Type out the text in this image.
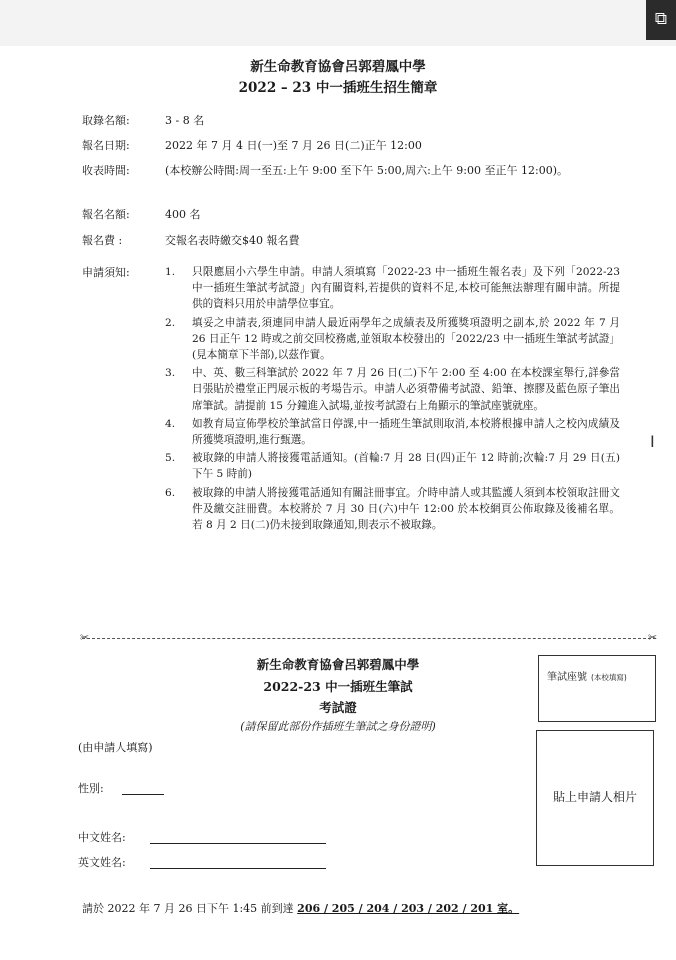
⧉
新生命教育協會呂郭碧鳳中學
2022 – 23 中一插班生招生簡章
取錄名額:	3 - 8 名
報名日期:	2022 年 7 月 4 日(一)至 7 月 26 日(二)正午 12:00
收表時間:	(本校辦公時間:周一至五:上午 9:00 至下午 5:00,周六:上午 9:00 至正午 12:00)。
報名名額:	400 名
報名費 :	交報名表時繳交$40 報名費
申請須知:	1.	只限應屆小六學生申請。申請人須填寫「2022-23 中一插班生報名表」及下列「2022-23 中一插班生筆試考試證」內有關資料,若提供的資料不足,本校可能無法辦理有關申請。所提供的資料只用於申請學位事宜。
2.	填妥之申請表,須連同申請人最近兩學年之成績表及所獲獎項證明之副本,於 2022 年 7 月 26 日正午 12 時或之前交回校務處,並領取本校發出的「2022/23 中一插班生筆試考試證」(見本簡章下半部),以茲作實。
3.	中、英、數三科筆試於 2022 年 7 月 26 日(二)下午 2:00 至 4:00 在本校課室舉行,詳參當日張貼於禮堂正門展示板的考場告示。申請人必須帶備考試證、鉛筆、擦膠及藍色原子筆出席筆試。請提前 15 分鐘進入試場,並按考試證右上角顯示的筆試座號就座。
4.	如教育局宣佈學校於筆試當日停課,中一插班生筆試則取消,本校將根據申請人之校內成績及所獲獎項證明,進行甄選。
5.	被取錄的申請人將接獲電話通知。(首輪:7 月 28 日(四)正午 12 時前;次輪:7 月 29 日(五)下午 5 時前)
6.	被取錄的申請人將接獲電話通知有關註冊事宜。介時申請人或其監護人須到本校領取註冊文件及繳交註冊費。本校將於 7 月 30 日(六)中午 12:00 於本校網頁公佈取錄及後補名單。若 8 月 2 日(二)仍未接到取錄通知,則表示不被取錄。
✂	✂
新生命教育協會呂郭碧鳳中學
2022-23 中一插班生筆試
考試證
(請保留此部份作插班生筆試之身份證明)
筆試座號 (本校填寫)
貼上申請人相片
(由申請人填寫)
性別:
中文姓名:
英文姓名:
請於 2022 年 7 月 26 日下午 1:45 前到達 206 / 205 / 204 / 203 / 202 / 201 室。
I
